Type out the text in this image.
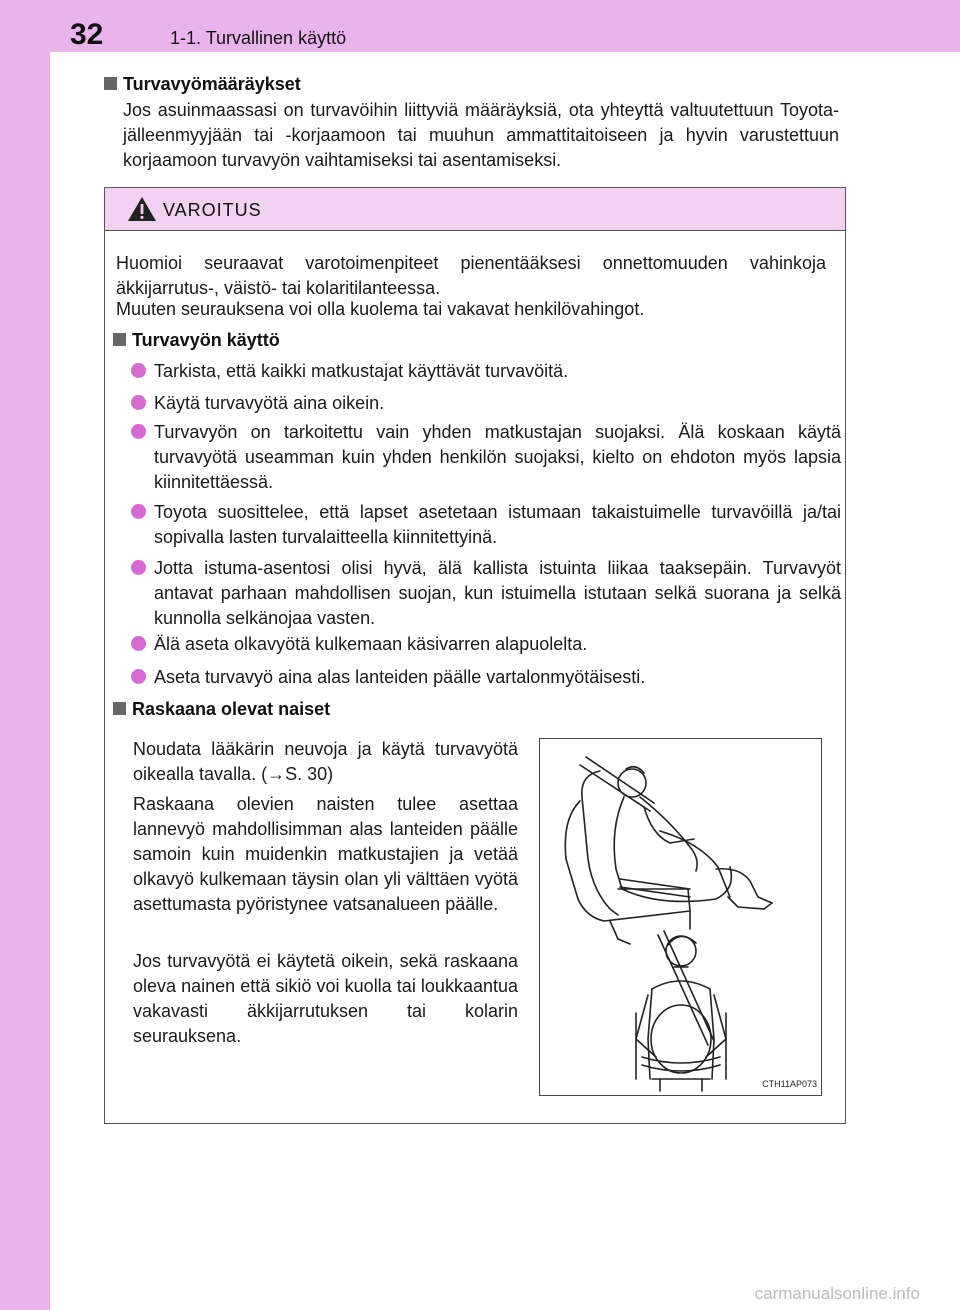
32	1-1. Turvallinen käyttö
Turvavyömääräykset
Jos asuinmaassasi on turvavöihin liittyviä määräyksiä, ota yhteyttä valtuutettuun Toyota-jälleenmyyjään tai -korjaamoon tai muuhun ammattitaitoiseen ja hyvin varustettuun korjaamoon turvavyön vaihtamiseksi tai asentamiseksi.
VAROITUS
Huomioi seuraavat varotoimenpiteet pienentääksesi onnettomuuden vahinkoja äkkijarrutus-, väistö- tai kolaritilanteessa.
Muuten seurauksena voi olla kuolema tai vakavat henkilövahingot.
Turvavyön käyttö
Tarkista, että kaikki matkustajat käyttävät turvavöitä.
Käytä turvavyötä aina oikein.
Turvavyön on tarkoitettu vain yhden matkustajan suojaksi. Älä koskaan käytä turvavyötä useamman kuin yhden henkilön suojaksi, kielto on ehdoton myös lapsia kiinnitettäessä.
Toyota suosittelee, että lapset asetetaan istumaan takaistuimelle turvavöillä ja/tai sopivalla lasten turvalaitteella kiinnitettyinä.
Jotta istuma-asentosi olisi hyvä, älä kallista istuinta liikaa taaksepäin. Turvavyöt antavat parhaan mahdollisen suojan, kun istuimella istutaan selkä suorana ja selkä kunnolla selkänojaa vasten.
Älä aseta olkavyötä kulkemaan käsivarren alapuolelta.
Aseta turvavyö aina alas lanteiden päälle vartalonmyötäisesti.
Raskaana olevat naiset
Noudata lääkärin neuvoja ja käytä turvavyötä oikealla tavalla. (→S. 30)
Raskaana olevien naisten tulee asettaa lannevyö mahdollisimman alas lanteiden päälle samoin kuin muidenkin matkustajien ja vetää olkavyö kulkemaan täysin olan yli välttäen vyötä asettumasta pyöristynee vatsanalueen päälle.
Jos turvavyötä ei käytetä oikein, sekä raskaana oleva nainen että sikiö voi kuolla tai loukkaantua vakavasti äkkijarrutuksen tai kolarin seurauksena.
CTH11AP073
carmanualsonline.info
